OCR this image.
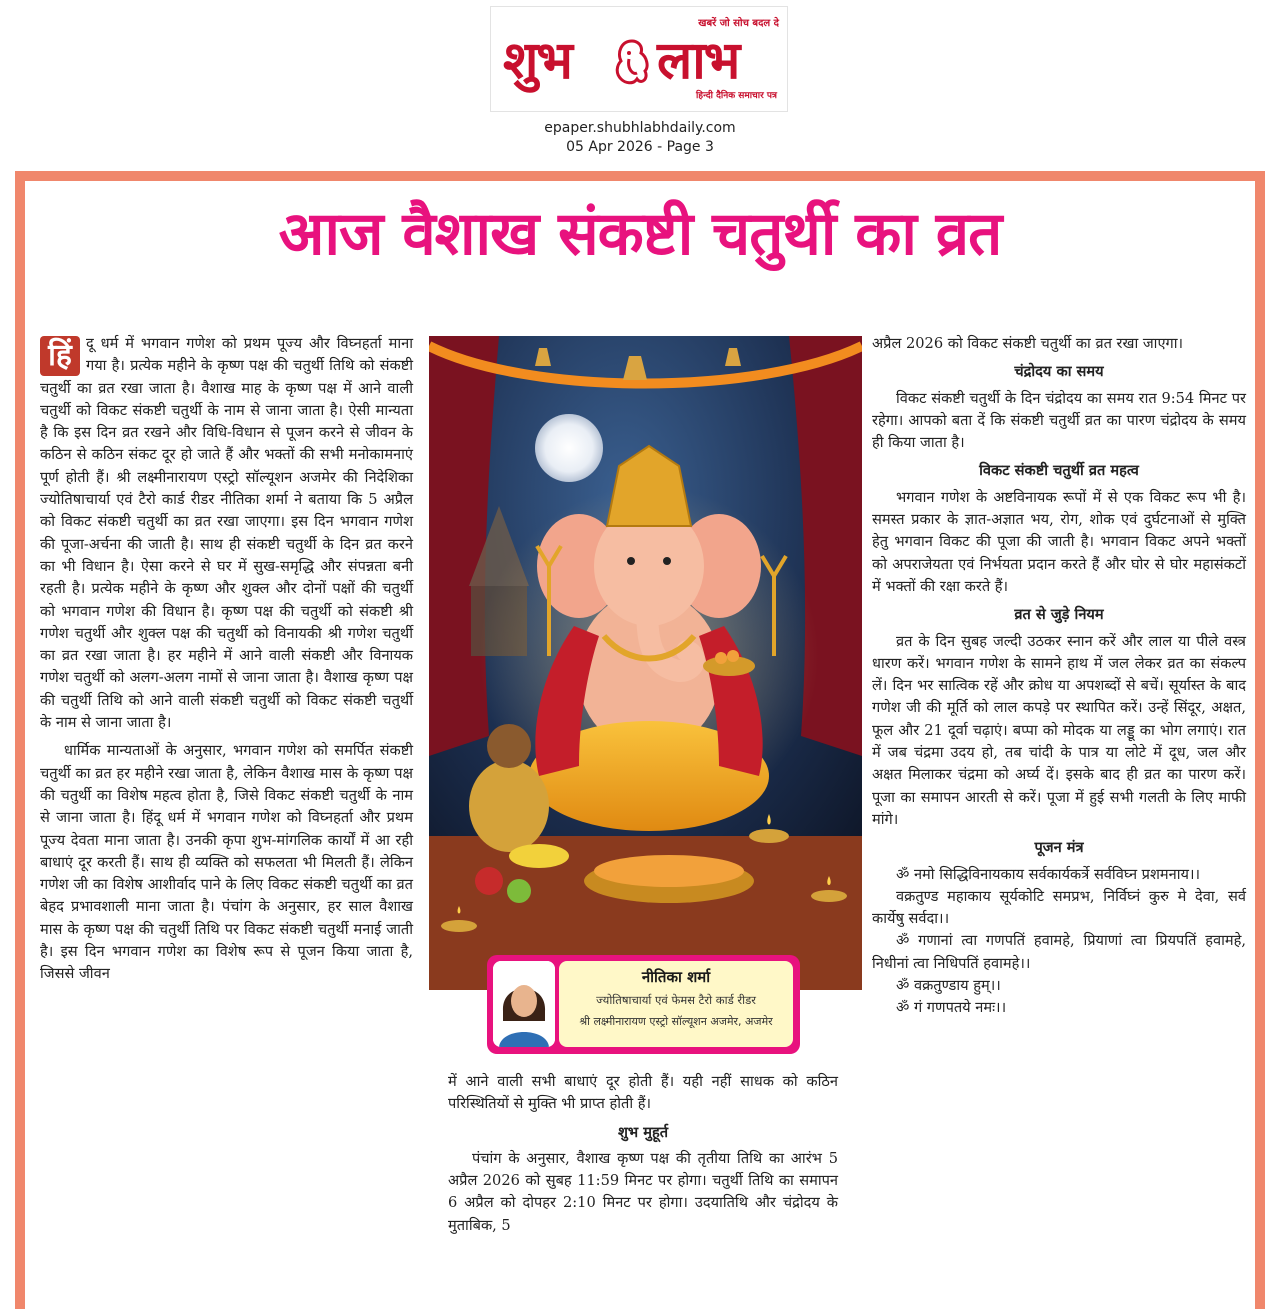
खबरें जो सोच बदल दे
शुभ लाभ
हिन्दी दैनिक समाचार पत्र
epaper.shubhlabhdaily.com
05 Apr 2026 - Page 3
आज वैशाख संकष्टी चतुर्थी का व्रत

हिं दू धर्म में भगवान गणेश को प्रथम पूज्य और विघ्नहर्ता माना गया है। प्रत्येक महीने के कृष्ण पक्ष की चतुर्थी तिथि को संकष्टी चतुर्थी का व्रत रखा जाता है। वैशाख माह के कृष्ण पक्ष में आने वाली चतुर्थी को विकट संकष्टी चतुर्थी के नाम से जाना जाता है। ऐसी मान्यता है कि इस दिन व्रत रखने और विधि-विधान से पूजन करने से जीवन के कठिन से कठिन संकट दूर हो जाते हैं और भक्तों की सभी मनोकामनाएं पूर्ण होती हैं। श्री लक्ष्मीनारायण एस्ट्रो सॉल्यूशन अजमेर की निदेशिका ज्योतिषाचार्या एवं टैरो कार्ड रीडर नीतिका शर्मा ने बताया कि 5 अप्रैल को विकट संकष्टी चतुर्थी का व्रत रखा जाएगा। इस दिन भगवान गणेश की पूजा-अर्चना की जाती है। साथ ही संकष्टी चतुर्थी के दिन व्रत करने का भी विधान है। ऐसा करने से घर में सुख-समृद्धि और संपन्नता बनी रहती है। प्रत्येक महीने के कृष्ण और शुक्ल और दोनों पक्षों की चतुर्थी को भगवान गणेश की विधान है। कृष्ण पक्ष की चतुर्थी को संकष्टी श्री गणेश चतुर्थी और शुक्ल पक्ष की चतुर्थी को विनायकी श्री गणेश चतुर्थी का व्रत रखा जाता है। हर महीने में आने वाली संकष्टी और विनायक गणेश चतुर्थी को अलग-अलग नामों से जाना जाता है। वैशाख कृष्ण पक्ष की चतुर्थी तिथि को आने वाली संकष्टी चतुर्थी को विकट संकष्टी चतुर्थी के नाम से जाना जाता है।

धार्मिक मान्यताओं के अनुसार, भगवान गणेश को समर्पित संकष्टी चतुर्थी का व्रत हर महीने रखा जाता है, लेकिन वैशाख मास के कृष्ण पक्ष की चतुर्थी का विशेष महत्व होता है, जिसे विकट संकष्टी चतुर्थी के नाम से जाना जाता है। हिंदू धर्म में भगवान गणेश को विघ्नहर्ता और प्रथम पूज्य देवता माना जाता है। उनकी कृपा शुभ-मांगलिक कार्यों में आ रही बाधाएं दूर करती हैं। साथ ही व्यक्ति को सफलता भी मिलती हैं। लेकिन गणेश जी का विशेष आशीर्वाद पाने के लिए विकट संकष्टी चतुर्थी का व्रत बेहद प्रभावशाली माना जाता है। पंचांग के अनुसार, हर साल वैशाख मास के कृष्ण पक्ष की चतुर्थी तिथि पर विकट संकष्टी चतुर्थी मनाई जाती है। इस दिन भगवान गणेश का विशेष रूप से पूजन किया जाता है, जिससे जीवन	नीतिका शर्मा
ज्योतिषाचार्या एवं फेमस टैरो कार्ड रीडर
श्री लक्ष्मीनारायण एस्ट्रो सॉल्यूशन अजमेर, अजमेर

में आने वाली सभी बाधाएं दूर होती हैं। यही नहीं साधक को कठिन परिस्थितियों से मुक्ति भी प्राप्त होती हैं।

शुभ मुहूर्त

पंचांग के अनुसार, वैशाख कृष्ण पक्ष की तृतीया तिथि का आरंभ 5 अप्रैल 2026 को सुबह 11:59 मिनट पर होगा। चतुर्थी तिथि का समापन 6 अप्रैल को दोपहर 2:10 मिनट पर होगा। उदयातिथि और चंद्रोदय के मुताबिक, 5

अप्रैल 2026 को विकट संकष्टी चतुर्थी का व्रत रखा जाएगा।

चंद्रोदय का समय

विकट संकष्टी चतुर्थी के दिन चंद्रोदय का समय रात 9:54 मिनट पर रहेगा। आपको बता दें कि संकष्टी चतुर्थी व्रत का पारण चंद्रोदय के समय ही किया जाता है।

विकट संकष्टी चतुर्थी व्रत महत्व

भगवान गणेश के अष्टविनायक रूपों में से एक विकट रूप भी है। समस्त प्रकार के ज्ञात-अज्ञात भय, रोग, शोक एवं दुर्घटनाओं से मुक्ति हेतु भगवान विकट की पूजा की जाती है। भगवान विकट अपने भक्तों को अपराजेयता एवं निर्भयता प्रदान करते हैं और घोर से घोर महासंकटों में भक्तों की रक्षा करते हैं।

व्रत से जुड़े नियम

व्रत के दिन सुबह जल्दी उठकर स्नान करें और लाल या पीले वस्त्र धारण करें। भगवान गणेश के सामने हाथ में जल लेकर व्रत का संकल्प लें। दिन भर सात्विक रहें और क्रोध या अपशब्दों से बचें। सूर्यास्त के बाद गणेश जी की मूर्ति को लाल कपड़े पर स्थापित करें। उन्हें सिंदूर, अक्षत, फूल और 21 दूर्वा चढ़ाएं। बप्पा को मोदक या लड्डू का भोग लगाएं। रात में जब चंद्रमा उदय हो, तब चांदी के पात्र या लोटे में दूध, जल और अक्षत मिलाकर चंद्रमा को अर्घ्य दें। इसके बाद ही व्रत का पारण करें। पूजा का समापन आरती से करें। पूजा में हुई सभी गलती के लिए माफी मांगे।

पूजन मंत्र

ॐ नमो सिद्धिविनायकाय सर्वकार्यकर्त्रे सर्वविघ्न प्रशमनाय।।

वक्रतुण्ड महाकाय सूर्यकोटि समप्रभ, निर्विघ्नं कुरु मे देवा, सर्व कार्येषु सर्वदा।।

ॐ गणानां त्वा गणपतिं हवामहे, प्रियाणां त्वा प्रियपतिं हवामहे, निधीनां त्वा निधिपतिं हवामहे।।

ॐ वक्रतुण्डाय हुम्।।

ॐ गं गणपतये नमः।।
